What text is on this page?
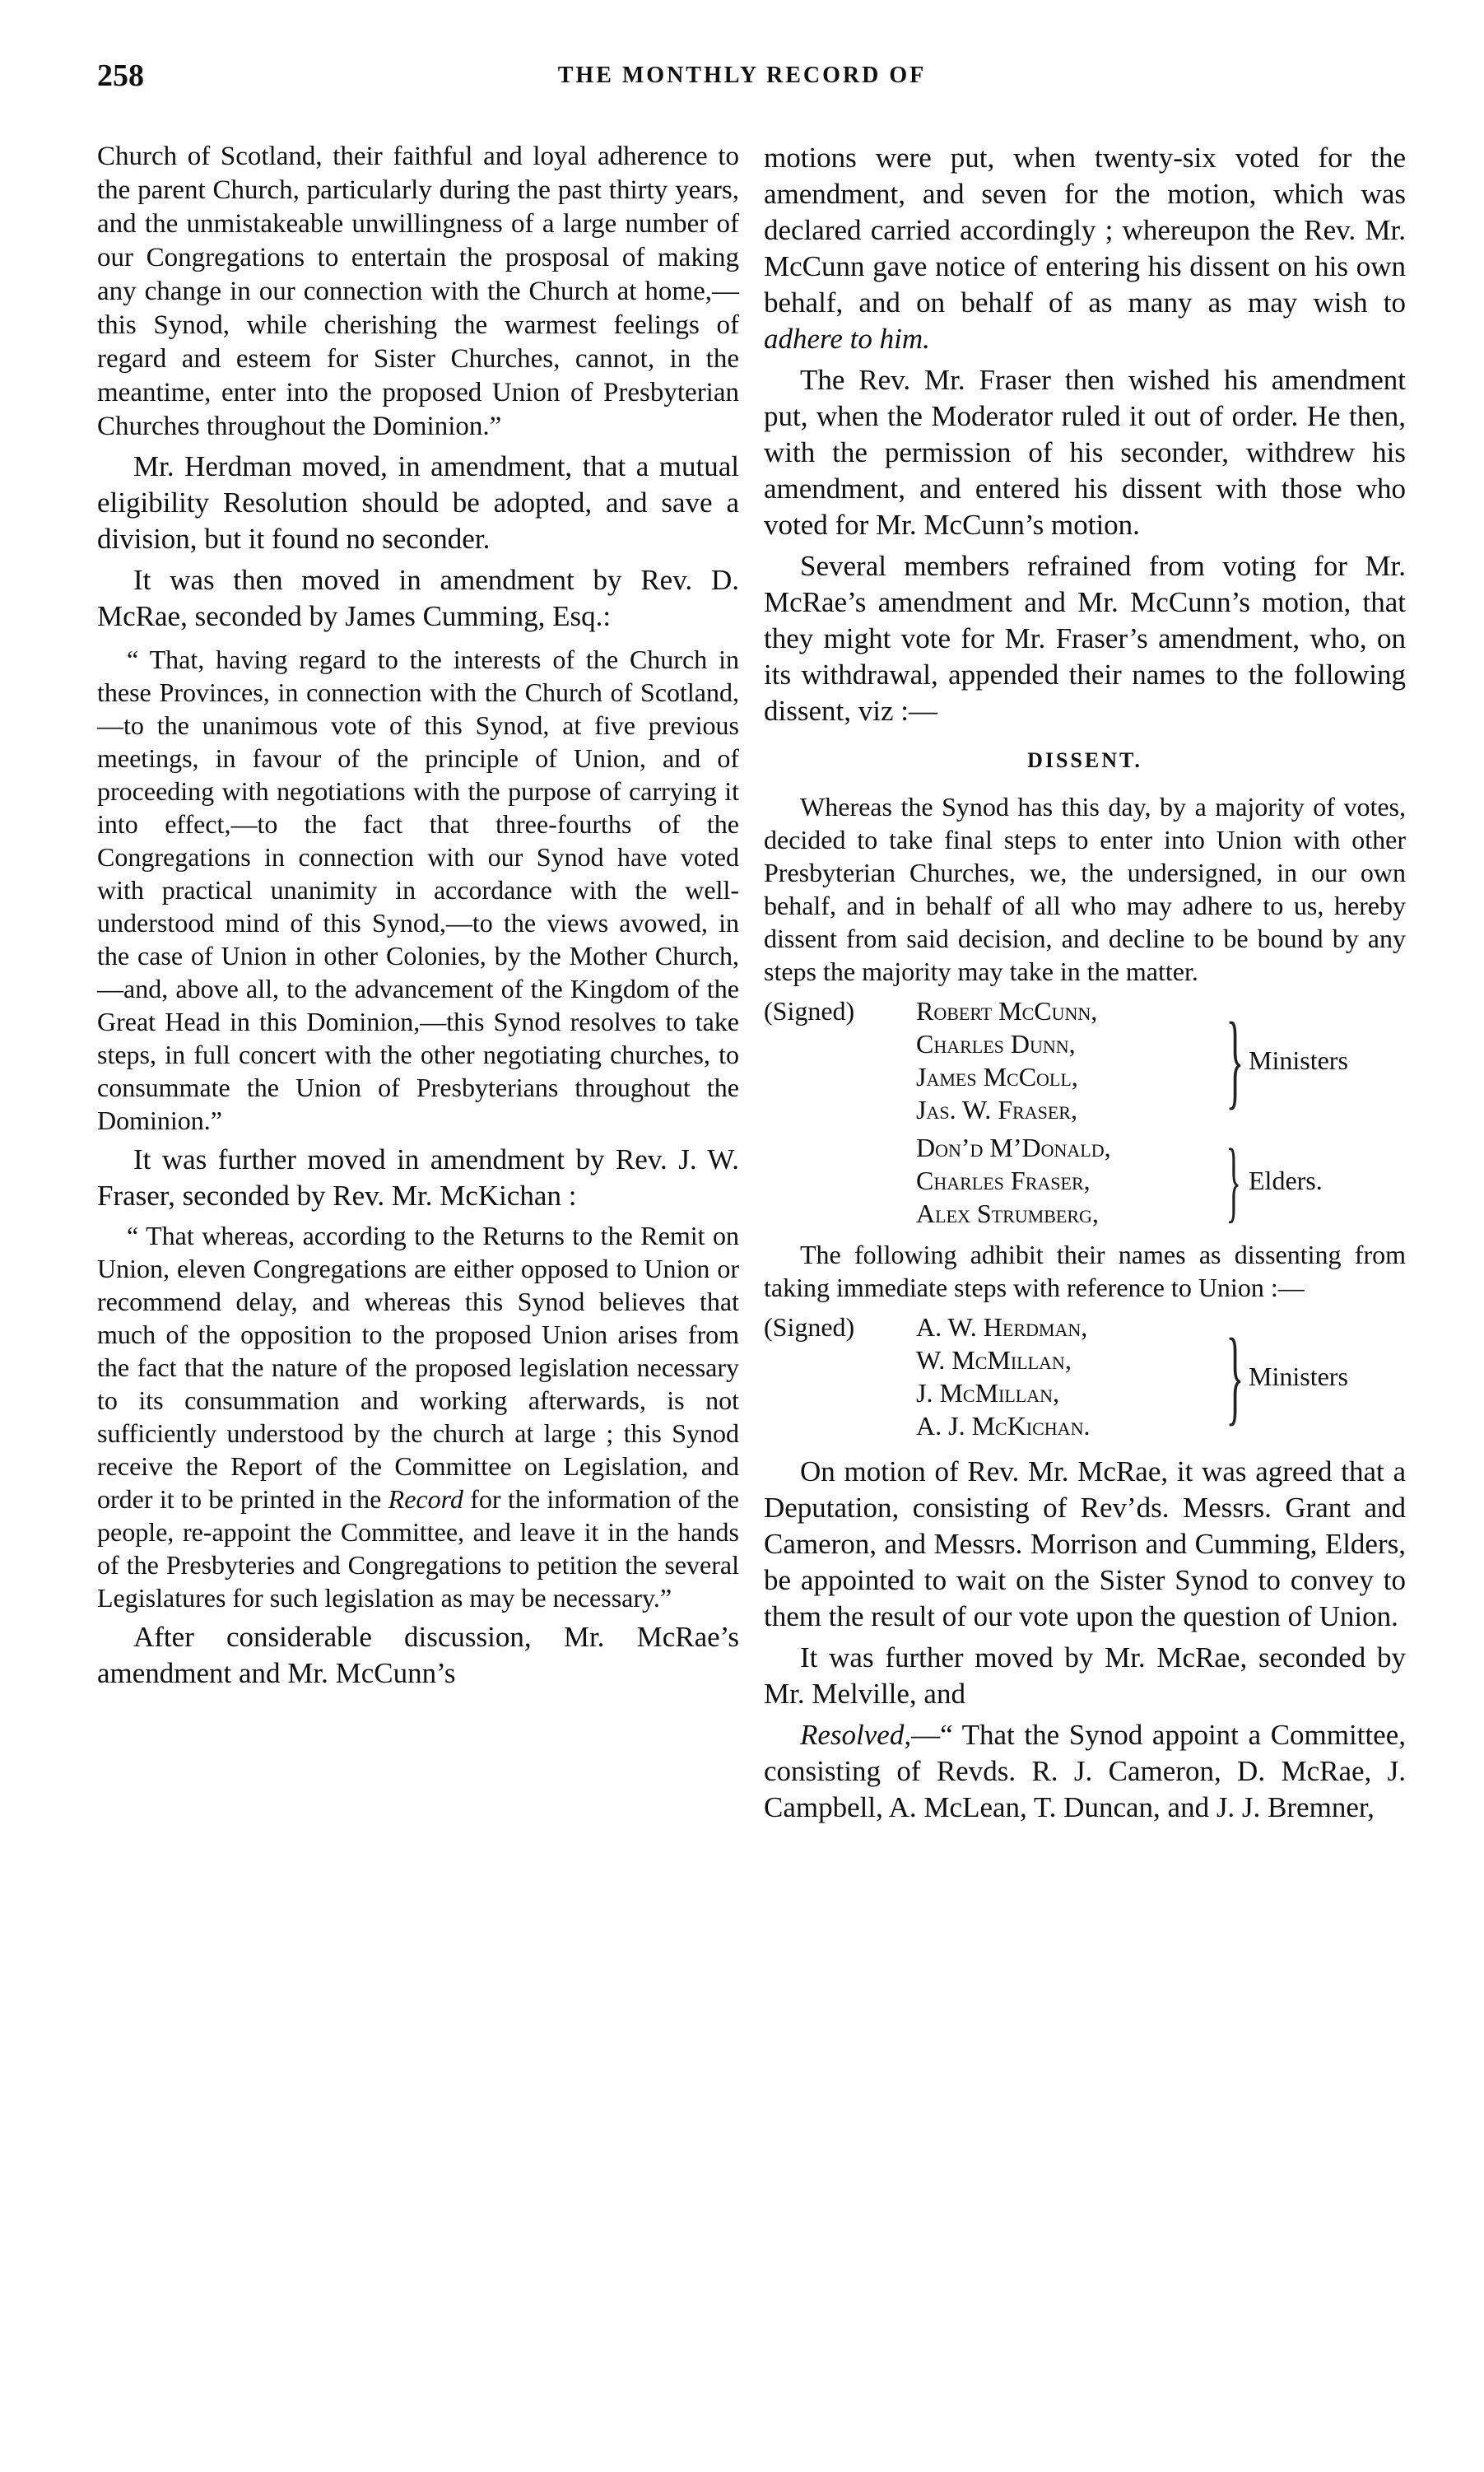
258	THE MONTHLY RECORD OF

Church of Scotland, their faithful and loyal adherence to the parent Church, particularly during the past thirty years, and the unmistakeable unwillingness of a large number of our Congregations to entertain the prosposal of making any change in our connection with the Church at home,—this Synod, while cherishing the warmest feelings of regard and esteem for Sister Churches, cannot, in the meantime, enter into the proposed Union of Presbyterian Churches throughout the Dominion.”

Mr. Herdman moved, in amendment, that a mutual eligibility Resolution should be adopted, and save a division, but it found no seconder.

It was then moved in amendment by Rev. D. McRae, seconded by James Cumming, Esq.:

“ That, having regard to the interests of the Church in these Provinces, in connection with the Church of Scotland,—to the unanimous vote of this Synod, at five previous meetings, in favour of the principle of Union, and of proceeding with negotiations with the purpose of carrying it into effect,—to the fact that three-fourths of the Congregations in connection with our Synod have voted with practical unanimity in accordance with the well-understood mind of this Synod,—to the views avowed, in the case of Union in other Colonies, by the Mother Church,—and, above all, to the advancement of the Kingdom of the Great Head in this Dominion,—this Synod resolves to take steps, in full concert with the other negotiating churches, to consummate the Union of Presbyterians throughout the Dominion.”

It was further moved in amendment by Rev. J. W. Fraser, seconded by Rev. Mr. McKichan :

“ That whereas, according to the Returns to the Remit on Union, eleven Congregations are either opposed to Union or recommend delay, and whereas this Synod believes that much of the opposition to the proposed Union arises from the fact that the nature of the proposed legislation necessary to its consummation and working afterwards, is not sufficiently understood by the church at large ; this Synod receive the Report of the Committee on Legislation, and order it to be printed in the Record for the information of the people, re-appoint the Committee, and leave it in the hands of the Presbyteries and Congregations to petition the several Legislatures for such legislation as may be necessary.”

After considerable discussion, Mr. McRae’s amendment and Mr. McCunn’s

motions were put, when twenty-six voted for the amendment, and seven for the motion, which was declared carried accordingly ; whereupon the Rev. Mr. McCunn gave notice of entering his dissent on his own behalf, and on behalf of as many as may wish to adhere to him.

The Rev. Mr. Fraser then wished his amendment put, when the Moderator ruled it out of order. He then, with the permission of his seconder, withdrew his amendment, and entered his dissent with those who voted for Mr. McCunn’s motion.

Several members refrained from voting for Mr. McRae’s amendment and Mr. McCunn’s motion, that they might vote for Mr. Fraser’s amendment, who, on its withdrawal, appended their names to the following dissent, viz :—

DISSENT.

Whereas the Synod has this day, by a majority of votes, decided to take final steps to enter into Union with other Presbyterian Churches, we, the undersigned, in our own behalf, and in behalf of all who may adhere to us, hereby dissent from said decision, and decline to be bound by any steps the majority may take in the matter.

(Signed)	Robert McCunn,
Charles Dunn,
James McColl,
Jas. W. Fraser,	} Ministers
Don’d M’Donald,
Charles Fraser,
Alex Strumberg,	} Elders.

The following adhibit their names as dissenting from taking immediate steps with reference to Union :—

(Signed)	A. W. Herdman,
W. McMillan,
J. McMillan,
A. J. McKichan.	} Ministers

On motion of Rev. Mr. McRae, it was agreed that a Deputation, consisting of Rev’ds. Messrs. Grant and Cameron, and Messrs. Morrison and Cumming, Elders, be appointed to wait on the Sister Synod to convey to them the result of our vote upon the question of Union.

It was further moved by Mr. McRae, seconded by Mr. Melville, and

Resolved,—“ That the Synod appoint a Committee, consisting of Revds. R. J. Cameron, D. McRae, J. Campbell, A. McLean, T. Duncan, and J. J. Bremner,
